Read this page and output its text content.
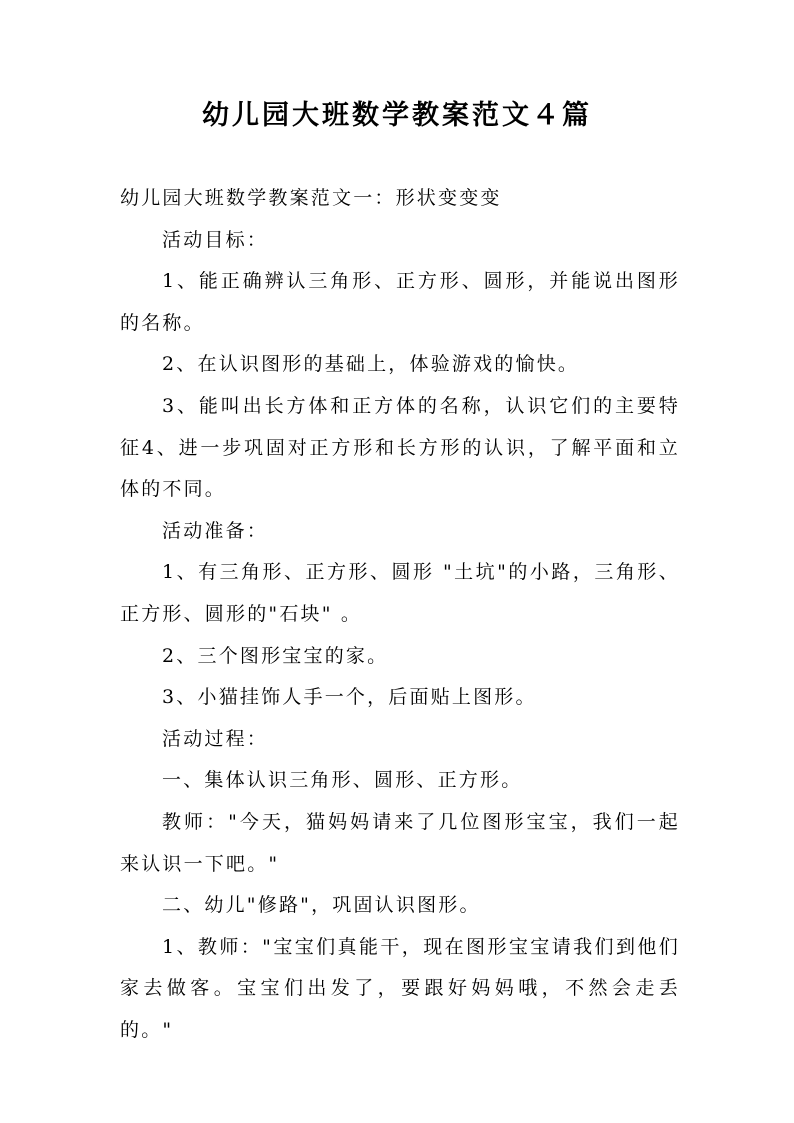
幼儿园大班数学教案范文４篇

幼儿园大班数学教案范文一：形状变变变

活动目标：

1、能正确辨认三角形、正方形、圆形，并能说出图形的名称。

2、在认识图形的基础上，体验游戏的愉快。

3、能叫出长方体和正方体的名称，认识它们的主要特征4、进一步巩固对正方形和长方形的认识，了解平面和立体的不同。

活动准备：

1、有三角形、正方形、圆形 "土坑"的小路，三角形、正方形、圆形的"石块" 。

2、三个图形宝宝的家。

3、小猫挂饰人手一个，后面贴上图形。

活动过程：

一、集体认识三角形、圆形、正方形。

教师："今天，猫妈妈请来了几位图形宝宝，我们一起来认识一下吧。"

二、幼儿"修路"，巩固认识图形。

1、教师："宝宝们真能干，现在图形宝宝请我们到他们家去做客。宝宝们出发了，要跟好妈妈哦，不然会走丢的。"
